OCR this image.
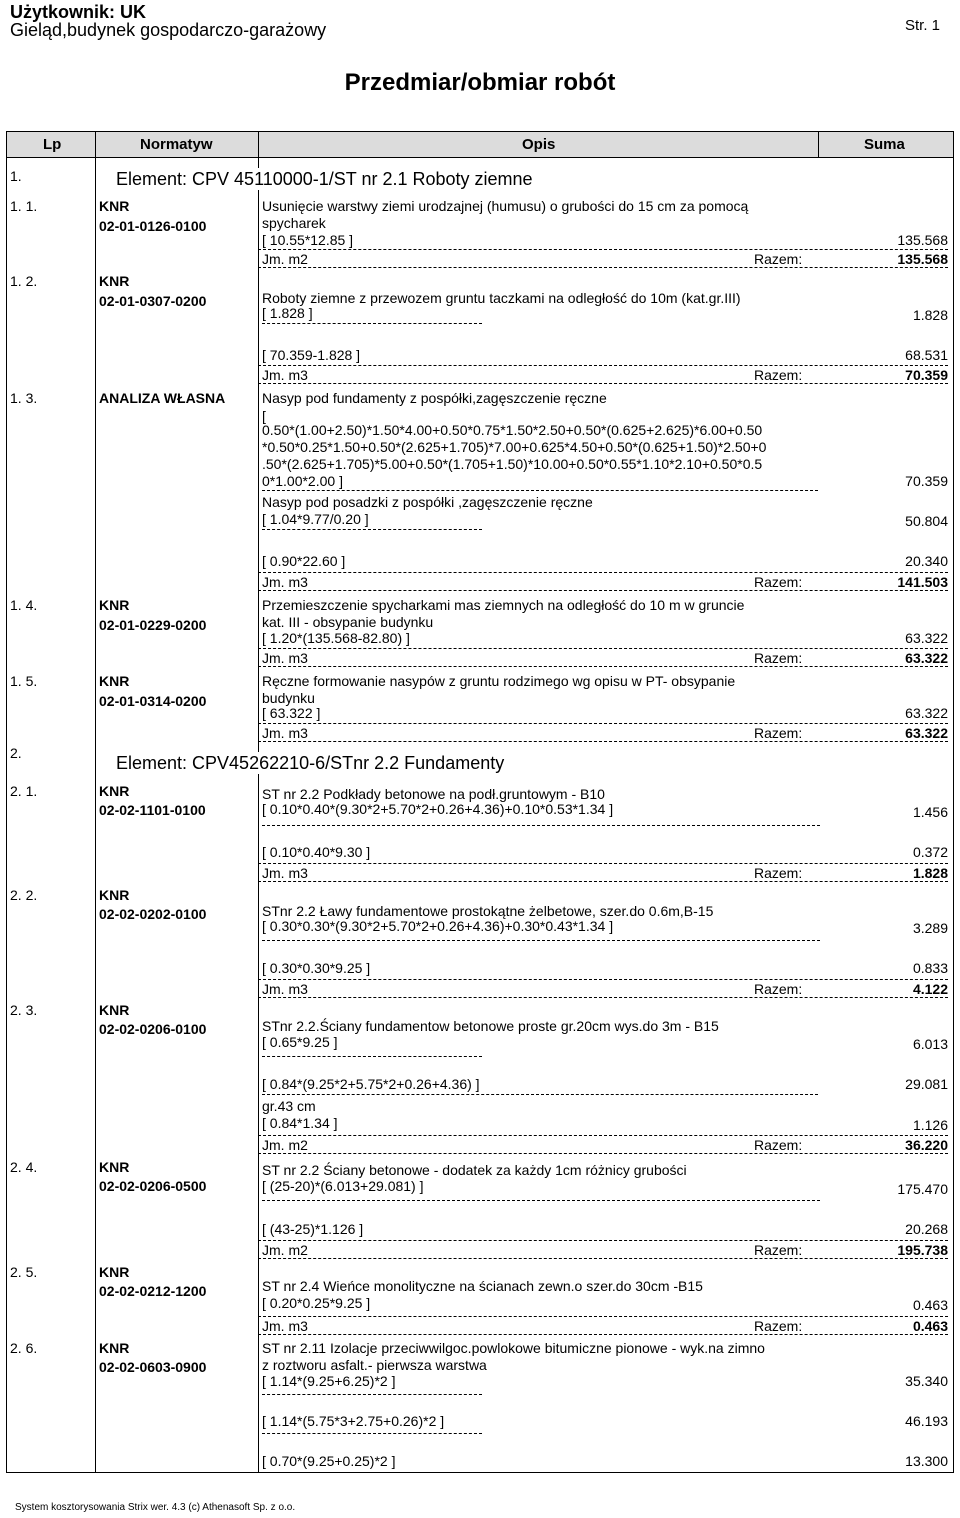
Użytkownik: UK
Gieląd,budynek gospodarczo-garażowy	Str. 1
Przedmiar/obmiar robót
Lp	Normatyw	Opis	Suma
1.	Element: CPV 45110000-1/ST nr 2.1 Roboty ziemne
1. 1.	KNR
02-01-0126-0100
Usunięcie warstwy ziemi urodzajnej (humusu) o grubości do 15 cm za pomocą
spycharek
[ 10.55*12.85 ]	135.568
Jm. m2	Razem:	135.568
1. 2.	KNR
02-01-0307-0200	Roboty ziemne z przewozem gruntu taczkami na odległość do 10m (kat.gr.III)
[ 1.828 ]	1.828
[ 70.359-1.828 ]	68.531
Jm. m3	Razem:	70.359
1. 3.	ANALIZA WŁASNA	Nasyp pod fundamenty z pospółki,zagęszczenie ręczne
[
0.50*(1.00+2.50)*1.50*4.00+0.50*0.75*1.50*2.50+0.50*(0.625+2.625)*6.00+0.50
*0.50*0.25*1.50+0.50*(2.625+1.705)*7.00+0.625*4.50+0.50*(0.625+1.50)*2.50+0
.50*(2.625+1.705)*5.00+0.50*(1.705+1.50)*10.00+0.50*0.55*1.10*2.10+0.50*0.5
0*1.00*2.00 ]	70.359
Nasyp pod posadzki z pospółki ,zagęszczenie ręczne
[ 1.04*9.77/0.20 ]	50.804
[ 0.90*22.60 ]	20.340
Jm. m3	Razem:	141.503
1. 4.	KNR
02-01-0229-0200
Przemieszczenie spycharkami mas ziemnych na odległość do 10 m w gruncie
kat. III - obsypanie budynku
[ 1.20*(135.568-82.80) ]	63.322
Jm. m3	Razem:	63.322
1. 5.	KNR
02-01-0314-0200
Ręczne formowanie nasypów z gruntu rodzimego wg opisu w PT- obsypanie
budynku
[ 63.322 ]	63.322
Jm. m3	Razem:	63.322
2.	Element: CPV45262210-6/STnr 2.2 Fundamenty
2. 1.	KNR
02-02-1101-0100
ST nr 2.2 Podkłady betonowe na podł.gruntowym - B10
[ 0.10*0.40*(9.30*2+5.70*2+0.26+4.36)+0.10*0.53*1.34 ]	1.456
[ 0.10*0.40*9.30 ]	0.372
Jm. m3	Razem:	1.828
2. 2.	KNR
02-02-0202-0100	STnr 2.2 Ławy fundamentowe prostokątne żelbetowe, szer.do 0.6m,B-15
[ 0.30*0.30*(9.30*2+5.70*2+0.26+4.36)+0.30*0.43*1.34 ]	3.289
[ 0.30*0.30*9.25 ]	0.833
Jm. m3	Razem:	4.122
2. 3.	KNR
02-02-0206-0100	STnr 2.2.Ściany fundamentow betonowe proste gr.20cm wys.do 3m - B15
[ 0.65*9.25 ]	6.013
[ 0.84*(9.25*2+5.75*2+0.26+4.36) ]	29.081
gr.43 cm
[ 0.84*1.34 ]	1.126
Jm. m2	Razem:	36.220
2. 4.	KNR
02-02-0206-0500
ST nr 2.2 Ściany betonowe - dodatek za każdy 1cm różnicy grubości
[ (25-20)*(6.013+29.081) ]	175.470
[ (43-25)*1.126 ]	20.268
Jm. m2	Razem:	195.738
2. 5.	KNR
02-02-0212-1200	ST nr 2.4 Wieńce monolityczne na ścianach zewn.o szer.do 30cm -B15
[ 0.20*0.25*9.25 ]	0.463
Jm. m3	Razem:	0.463
2. 6.	KNR
02-02-0603-0900
ST nr 2.11 Izolacje przeciwwilgoc.powlokowe bitumiczne pionowe - wyk.na zimno
z roztworu asfalt.- pierwsza warstwa
[ 1.14*(9.25+6.25)*2 ]	35.340
[ 1.14*(5.75*3+2.75+0.26)*2 ]	46.193
[ 0.70*(9.25+0.25)*2 ]	13.300
System kosztorysowania Strix wer. 4.3 (c) Athenasoft Sp. z o.o.
